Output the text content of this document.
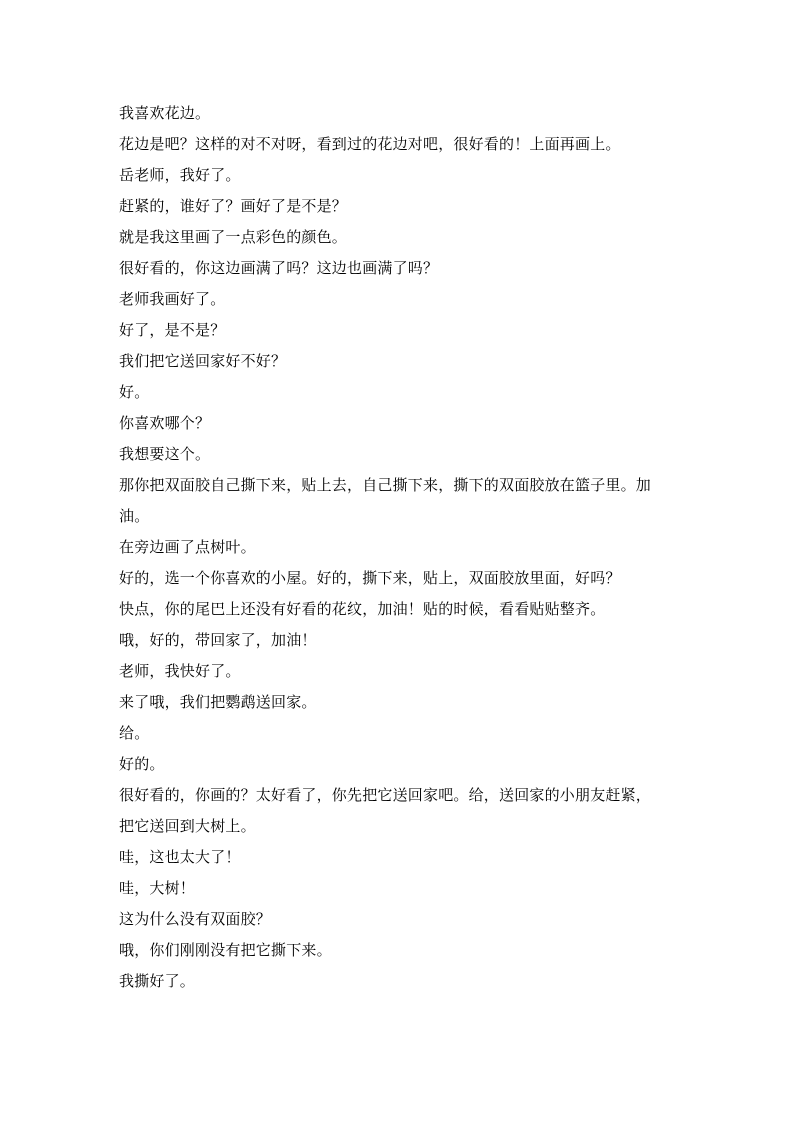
我喜欢花边。
花边是吧？这样的对不对呀，看到过的花边对吧，很好看的！上面再画上。
岳老师，我好了。
赶紧的，谁好了？画好了是不是？
就是我这里画了一点彩色的颜色。
很好看的，你这边画满了吗？这边也画满了吗？
老师我画好了。
好了，是不是？
我们把它送回家好不好？
好。
你喜欢哪个？
我想要这个。
那你把双面胶自己撕下来，贴上去，自己撕下来，撕下的双面胶放在篮子里。加
油。
在旁边画了点树叶。
好的，选一个你喜欢的小屋。好的，撕下来，贴上，双面胶放里面，好吗？
快点，你的尾巴上还没有好看的花纹，加油！贴的时候，看看贴贴整齐。
哦，好的，带回家了，加油！
老师，我快好了。
来了哦，我们把鹦鹉送回家。
给。
好的。
很好看的，你画的？太好看了，你先把它送回家吧。给，送回家的小朋友赶紧，
把它送回到大树上。
哇，这也太大了！
哇，大树！
这为什么没有双面胶？
哦，你们刚刚没有把它撕下来。
我撕好了。
